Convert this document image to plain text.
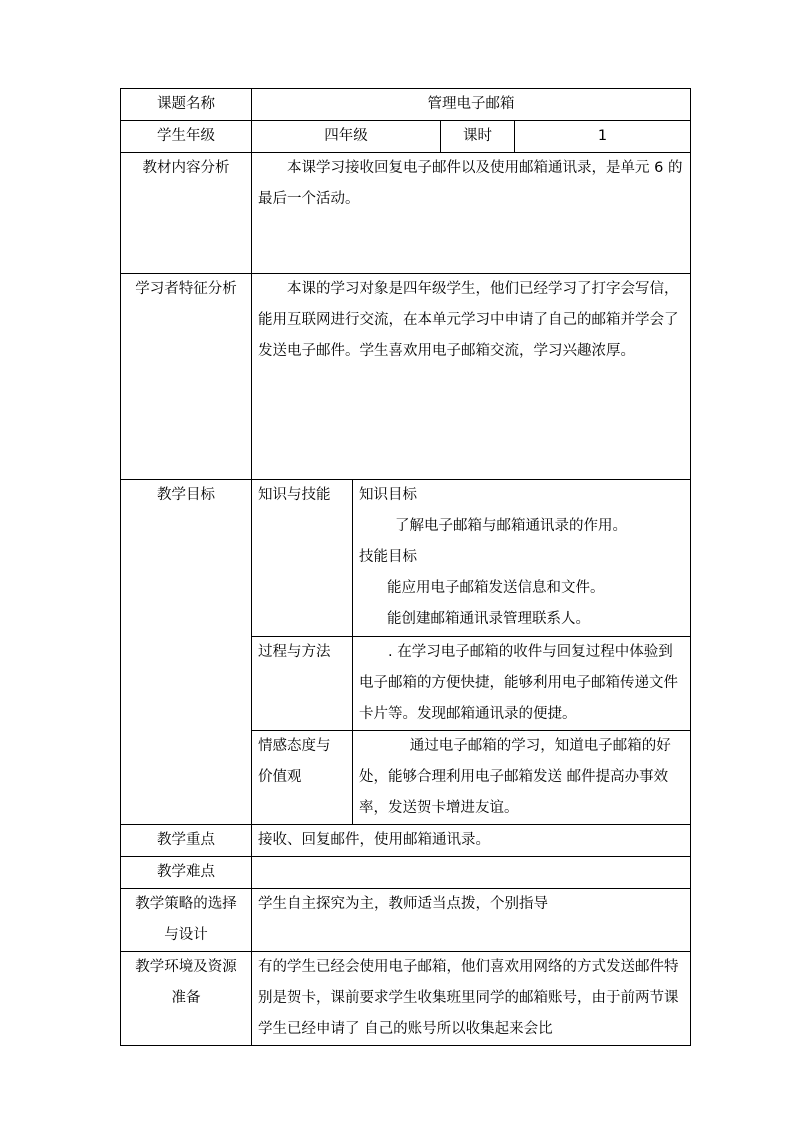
课题名称	管理电子邮箱			
学生年级	四年级		课时	1
教材内容分析	本课学习接收回复电子邮件以及使用邮箱通讯录，是单元 6 的最后一个活动。			

学习者特征分析	本课的学习对象是四年级学生，他们已经学习了打字会写信，能用互联网进行交流，在本单元学习中申请了自己的邮箱并学会了发送电子邮件。学生喜欢用电子邮箱交流，学习兴趣浓厚。			

教学目标	知识与技能	知识目标
了解电子邮箱与邮箱通讯录的作用。
技能目标
能应用电子邮箱发送信息和文件。
能创建邮箱通讯录管理联系人。		

	过程与方法	. 在学习电子邮箱的收件与回复过程中体验到电子邮箱的方便快捷，能够利用电子邮箱传递文件卡片等。发现邮箱通讯录的便捷。		

	情感态度与
价值观	通过电子邮箱的学习，知道电子邮箱的好处，能够合理利用电子邮箱发送 邮件提高办事效率，发送贺卡增进友谊。		

教学重点	接收、回复邮件，使用邮箱通讯录。			
教学难点				

教学策略的选择
与设计	学生自主探究为主，教师适当点拨，个别指导			

教学环境及资源
准备	有的学生已经会使用电子邮箱，他们喜欢用网络的方式发送邮件特别是贺卡，课前要求学生收集班里同学的邮箱账号，由于前两节课学生已经申请了 自己的账号所以收集起来会比			
